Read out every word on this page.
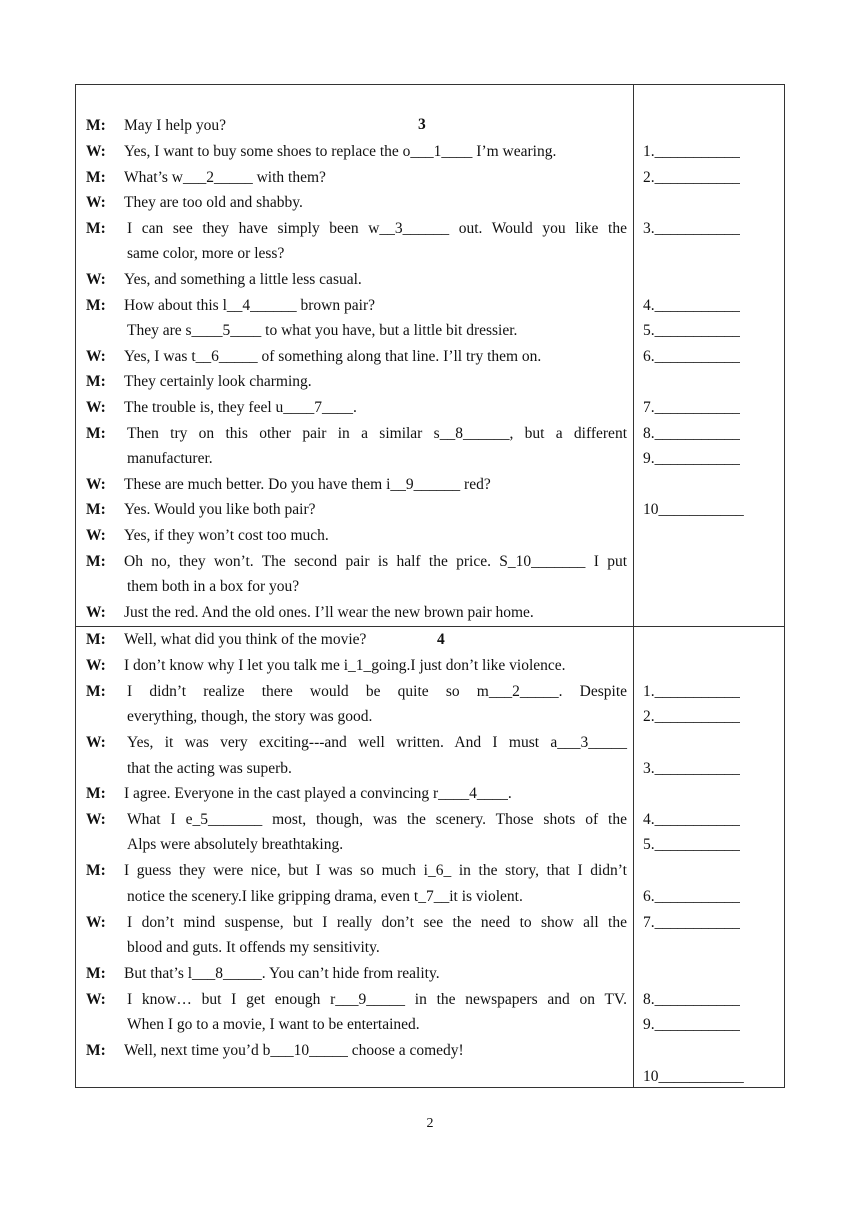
3
M: May I help you?
W: Yes, I want to buy some shoes to replace the o___1____ I’m wearing.
M: What’s w___2_____ with them?
W: They are too old and shabby.
M: I can see they have simply been w__3______ out. Would you like the
same color, more or less?
W: Yes, and something a little less casual.
M: How about this l__4______ brown pair?
They are s____5____ to what you have, but a little bit dressier.
W: Yes, I was t__6_____ of something along that line. I’ll try them on.
M: They certainly look charming.
W: The trouble is, they feel u____7____.
M: Then try on this other pair in a similar s__8______, but a different
manufacturer.
W: These are much better. Do you have them i__9______ red?
M: Yes. Would you like both pair?
W: Yes, if they won’t cost too much.
M: Oh no, they won’t. The second pair is half the price. S_10_______ I put
them both in a box for you?
W: Just the red. And the old ones. I’ll wear the new brown pair home.
1.___________
2.___________
3.___________
4.___________
5.___________
6.___________
7.___________
8.___________
9.___________
10___________
4
M: Well, what did you think of the movie?
W: I don’t know why I let you talk me i_1_going.I just don’t like violence.
M: I didn’t realize there would be quite so m___2_____. Despite
everything, though, the story was good.
W: Yes, it was very exciting---and well written. And I must a___3_____
that the acting was superb.
M: I agree. Everyone in the cast played a convincing r____4____.
W: What I e_5_______ most, though, was the scenery. Those shots of the
Alps were absolutely breathtaking.
M: I guess they were nice, but I was so much i_6_ in the story, that I didn’t
notice the scenery.I like gripping drama, even t_7__it is violent.
W: I don’t mind suspense, but I really don’t see the need to show all the
blood and guts. It offends my sensitivity.
M: But that’s l___8_____. You can’t hide from reality.
W: I know… but I get enough r___9_____ in the newspapers and on TV.
When I go to a movie, I want to be entertained.
M: Well, next time you’d b___10_____ choose a comedy!
1.___________
2.___________
3.___________
4.___________
5.___________
6.___________
7.___________
8.___________
9.___________
10___________
2
